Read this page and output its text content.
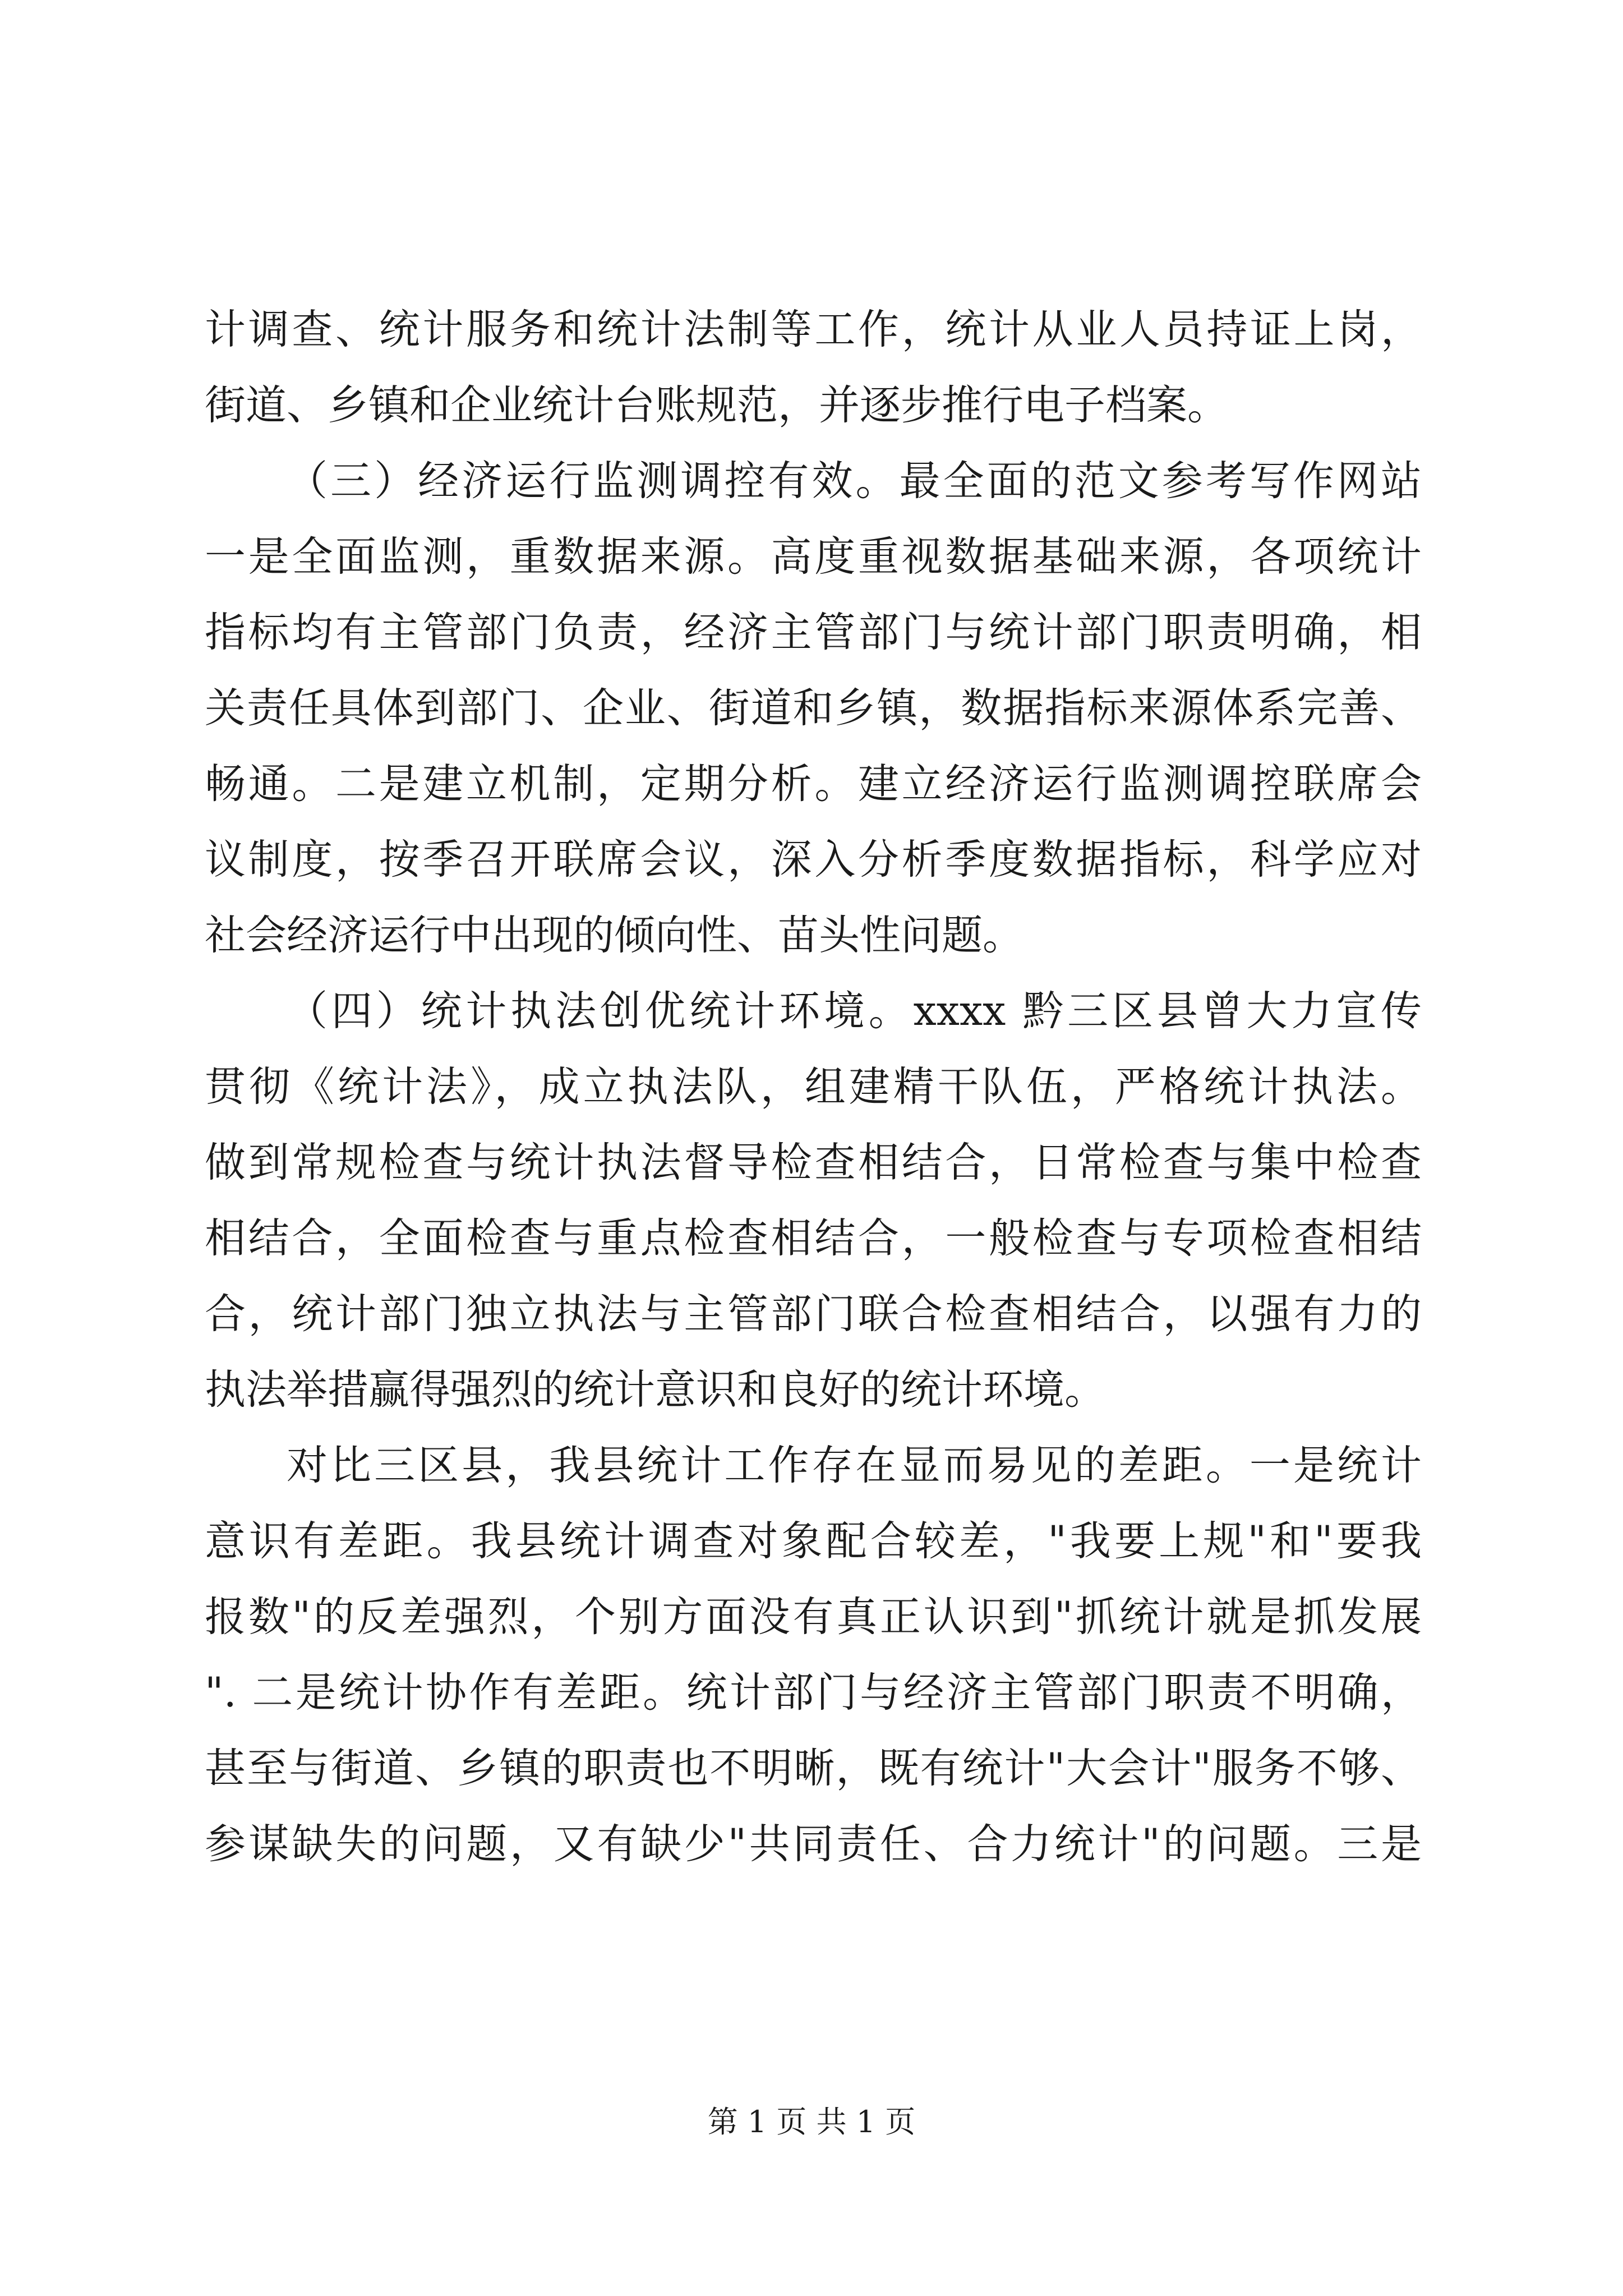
计调查、统计服务和统计法制等工作，统计从业人员持证上岗，
街道、乡镇和企业统计台账规范，并逐步推行电子档案。
（三）经济运行监测调控有效。最全面的范文参考写作网站
一是全面监测，重数据来源。高度重视数据基础来源，各项统计
指标均有主管部门负责，经济主管部门与统计部门职责明确，相
关责任具体到部门、企业、街道和乡镇，数据指标来源体系完善、
畅通。二是建立机制，定期分析。建立经济运行监测调控联席会
议制度，按季召开联席会议，深入分析季度数据指标，科学应对
社会经济运行中出现的倾向性、苗头性问题。
（四）统计执法创优统计环境。xxxx 黔三区县曾大力宣传
贯彻《统计法》，成立执法队，组建精干队伍，严格统计执法。
做到常规检查与统计执法督导检查相结合，日常检查与集中检查
相结合，全面检查与重点检查相结合，一般检查与专项检查相结
合，统计部门独立执法与主管部门联合检查相结合，以强有力的
执法举措赢得强烈的统计意识和良好的统计环境。
对比三区县，我县统计工作存在显而易见的差距。一是统计
意识有差距。我县统计调查对象配合较差，"我要上规"和"要我
报数"的反差强烈，个别方面没有真正认识到"抓统计就是抓发展
". 二是统计协作有差距。统计部门与经济主管部门职责不明确，
甚至与街道、乡镇的职责也不明晰，既有统计"大会计"服务不够、
参谋缺失的问题，又有缺少"共同责任、合力统计"的问题。三是
第 1 页 共 1 页
